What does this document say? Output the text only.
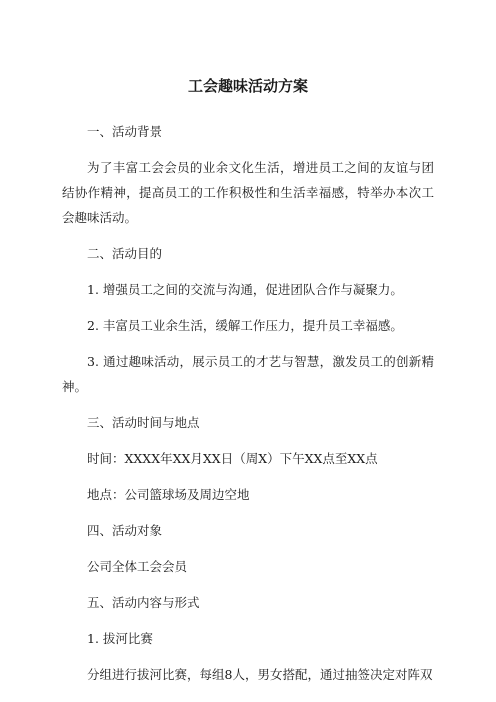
工会趣味活动方案

一、活动背景

为了丰富工会会员的业余文化生活，增进员工之间的友谊与团结协作精神，提高员工的工作积极性和生活幸福感，特举办本次工会趣味活动。

二、活动目的

1. 增强员工之间的交流与沟通，促进团队合作与凝聚力。

2. 丰富员工业余生活，缓解工作压力，提升员工幸福感。

3. 通过趣味活动，展示员工的才艺与智慧，激发员工的创新精神。

三、活动时间与地点

时间：XXXX年XX月XX日（周X）下午XX点至XX点

地点：公司篮球场及周边空地

四、活动对象

公司全体工会会员

五、活动内容与形式

1. 拔河比赛

分组进行拔河比赛，每组8人，男女搭配，通过抽签决定对阵双
